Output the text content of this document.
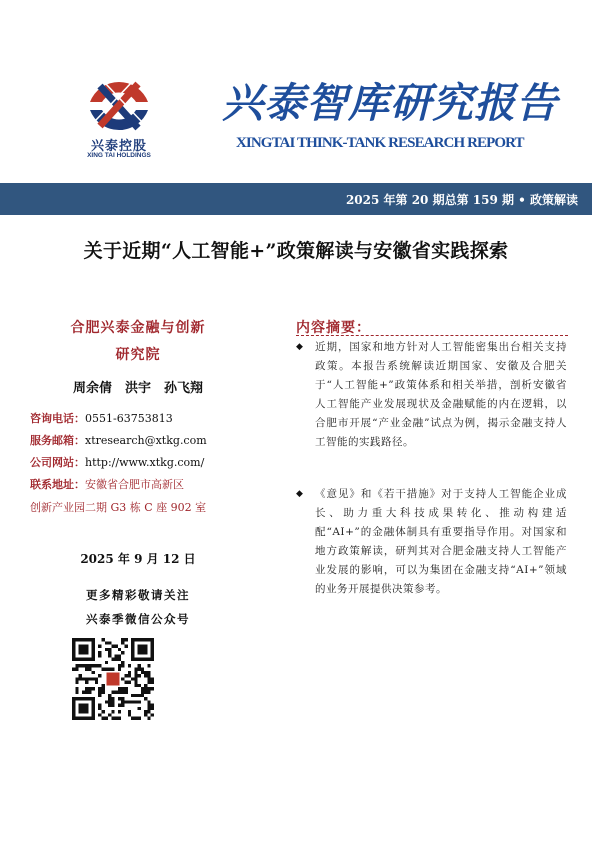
兴泰控股
XING TAI HOLDINGS
兴泰智库研究报告
XINGTAI THINK-TANK RESEARCH REPORT
2025 年第 20 期总第 159 期 • 政策解读
关于近期“人工智能+”政策解读与安徽省实践探索
合肥兴泰金融与创新
研究院
周余倩　洪宇　孙飞翔
咨询电话：0551-63753813
服务邮箱：xtresearch@xtkg.com
公司网站：http://www.xtkg.com/
联系地址：安徽省合肥市高新区
创新产业园二期 G3 栋 C 座 902 室
2025 年 9 月 12 日
更多精彩敬请关注
兴泰季微信公众号
内容摘要：
◆ 近期，国家和地方针对人工智能密集出台相关支持政策。本报告系统解读近期国家、安徽及合肥关于“人工智能+”政策体系和相关举措，剖析安徽省人工智能产业发展现状及金融赋能的内在逻辑，以合肥市开展“产业金融”试点为例，揭示金融支持人工智能的实践路径。
◆ 《意见》和《若干措施》对于支持人工智能企业成长、助力重大科技成果转化、推动构建适配“AI+”的金融体制具有重要指导作用。对国家和地方政策解读，研判其对合肥金融支持人工智能产业发展的影响，可以为集团在金融支持“AI+”领域的业务开展提供决策参考。
